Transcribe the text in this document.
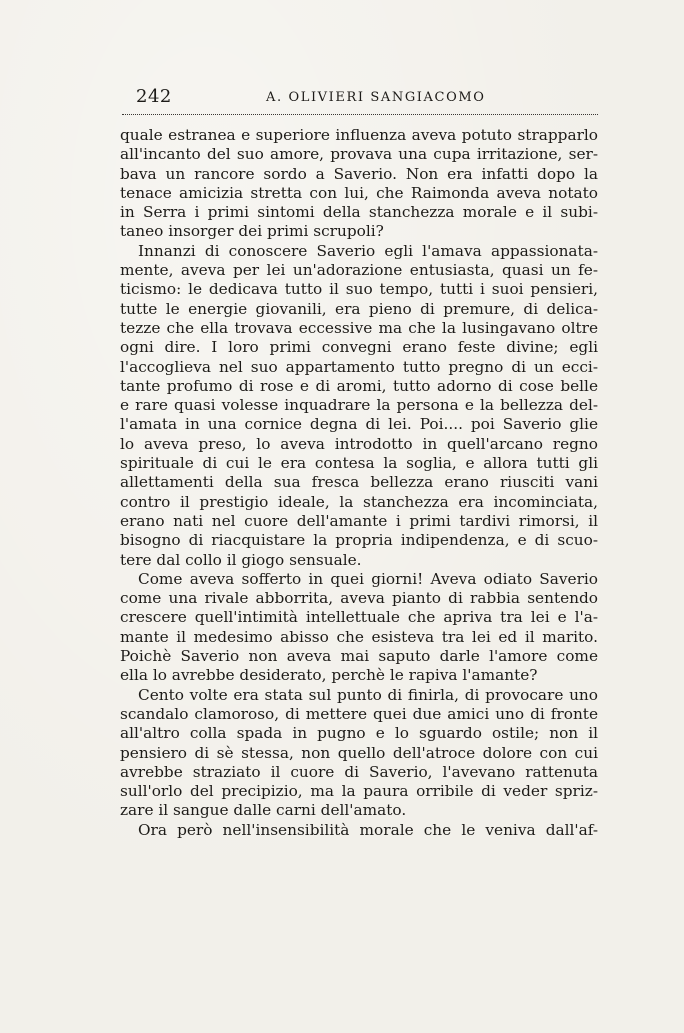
242	A. OLIVIERI SANGIACOMO
quale estranea e superiore influenza aveva potuto strapparlo
all'incanto del suo amore, provava una cupa irritazione, ser-
bava un rancore sordo a Saverio. Non era infatti dopo la
tenace amicizia stretta con lui, che Raimonda aveva notato
in Serra i primi sintomi della stanchezza morale e il subi-
taneo insorger dei primi scrupoli?
Innanzi di conoscere Saverio egli l'amava appassionata-
mente, aveva per lei un'adorazione entusiasta, quasi un fe-
ticismo: le dedicava tutto il suo tempo, tutti i suoi pensieri,
tutte le energie giovanili, era pieno di premure, di delica-
tezze che ella trovava eccessive ma che la lusingavano oltre
ogni dire. I loro primi convegni erano feste divine; egli
l'accoglieva nel suo appartamento tutto pregno di un ecci-
tante profumo di rose e di aromi, tutto adorno di cose belle
e rare quasi volesse inquadrare la persona e la bellezza del-
l'amata in una cornice degna di lei. Poi.... poi Saverio glie
lo aveva preso, lo aveva introdotto in quell'arcano regno
spirituale di cui le era contesa la soglia, e allora tutti gli
allettamenti della sua fresca bellezza erano riusciti vani
contro il prestigio ideale, la stanchezza era incominciata,
erano nati nel cuore dell'amante i primi tardivi rimorsi, il
bisogno di riacquistare la propria indipendenza, e di scuo-
tere dal collo il giogo sensuale.
Come aveva sofferto in quei giorni! Aveva odiato Saverio
come una rivale abborrita, aveva pianto di rabbia sentendo
crescere quell'intimità intellettuale che apriva tra lei e l'a-
mante il medesimo abisso che esisteva tra lei ed il marito.
Poichè Saverio non aveva mai saputo darle l'amore come
ella lo avrebbe desiderato, perchè le rapiva l'amante?
Cento volte era stata sul punto di finirla, di provocare uno
scandalo clamoroso, di mettere quei due amici uno di fronte
all'altro colla spada in pugno e lo sguardo ostile; non il
pensiero di sè stessa, non quello dell'atroce dolore con cui
avrebbe straziato il cuore di Saverio, l'avevano rattenuta
sull'orlo del precipizio, ma la paura orribile di veder spriz-
zare il sangue dalle carni dell'amato.
Ora però nell'insensibilità morale che le veniva dall'af-
